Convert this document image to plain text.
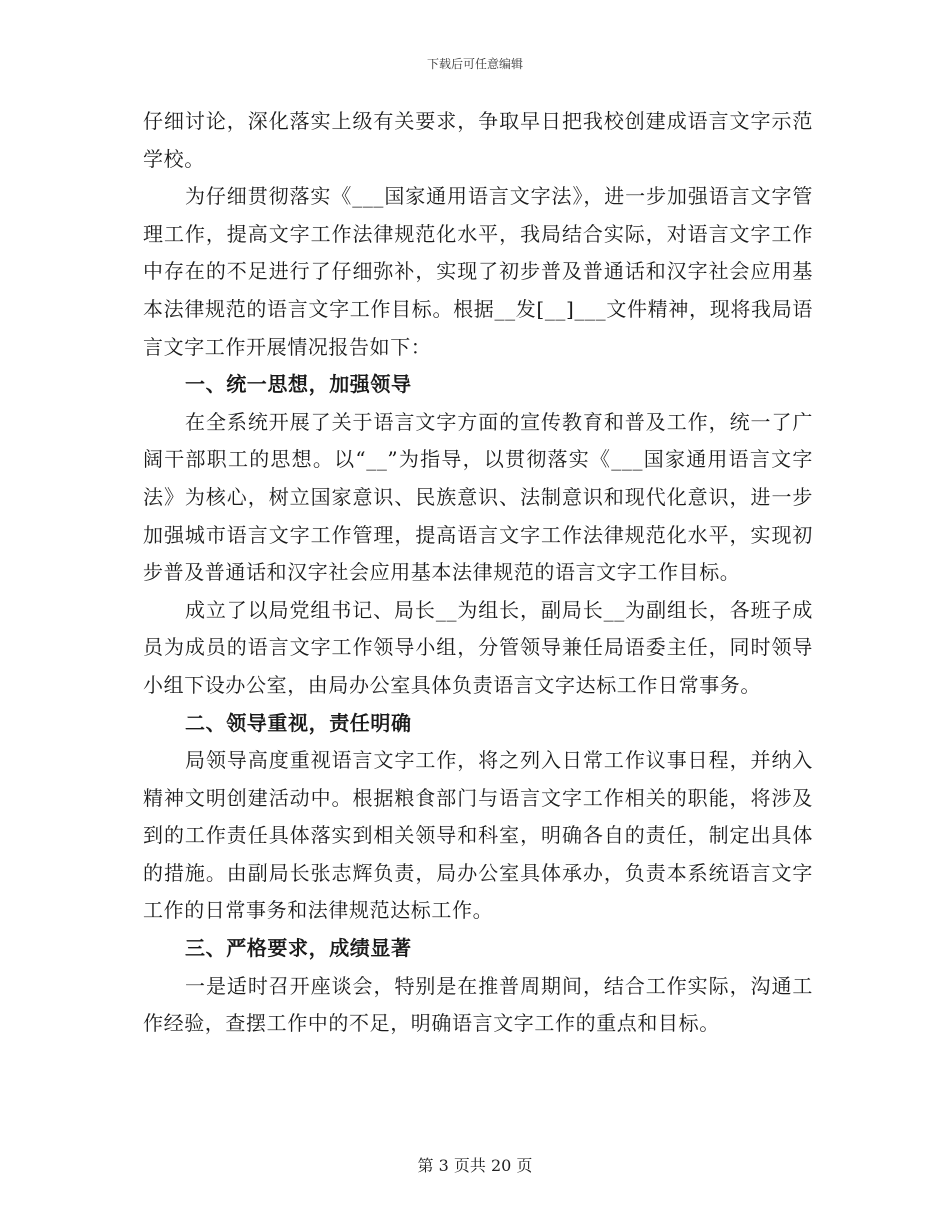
下载后可任意编辑

仔细讨论，深化落实上级有关要求，争取早日把我校创建成语言文字示范学校。

为仔细贯彻落实《___国家通用语言文字法》，进一步加强语言文字管理工作，提高文字工作法律规范化水平，我局结合实际，对语言文字工作中存在的不足进行了仔细弥补，实现了初步普及普通话和汉字社会应用基本法律规范的语言文字工作目标。根据__发[__]___文件精神，现将我局语言文字工作开展情况报告如下：

一、统一思想，加强领导

在全系统开展了关于语言文字方面的宣传教育和普及工作，统一了广阔干部职工的思想。以“__”为指导，以贯彻落实《___国家通用语言文字法》为核心，树立国家意识、民族意识、法制意识和现代化意识，进一步加强城市语言文字工作管理，提高语言文字工作法律规范化水平，实现初步普及普通话和汉字社会应用基本法律规范的语言文字工作目标。

成立了以局党组书记、局长__为组长，副局长__为副组长，各班子成员为成员的语言文字工作领导小组，分管领导兼任局语委主任，同时领导小组下设办公室，由局办公室具体负责语言文字达标工作日常事务。

二、领导重视，责任明确

局领导高度重视语言文字工作，将之列入日常工作议事日程，并纳入精神文明创建活动中。根据粮食部门与语言文字工作相关的职能，将涉及到的工作责任具体落实到相关领导和科室，明确各自的责任，制定出具体的措施。由副局长张志辉负责，局办公室具体承办，负责本系统语言文字工作的日常事务和法律规范达标工作。

三、严格要求，成绩显著

一是适时召开座谈会，特别是在推普周期间，结合工作实际，沟通工作经验，查摆工作中的不足，明确语言文字工作的重点和目标。

第 3 页共 20 页
